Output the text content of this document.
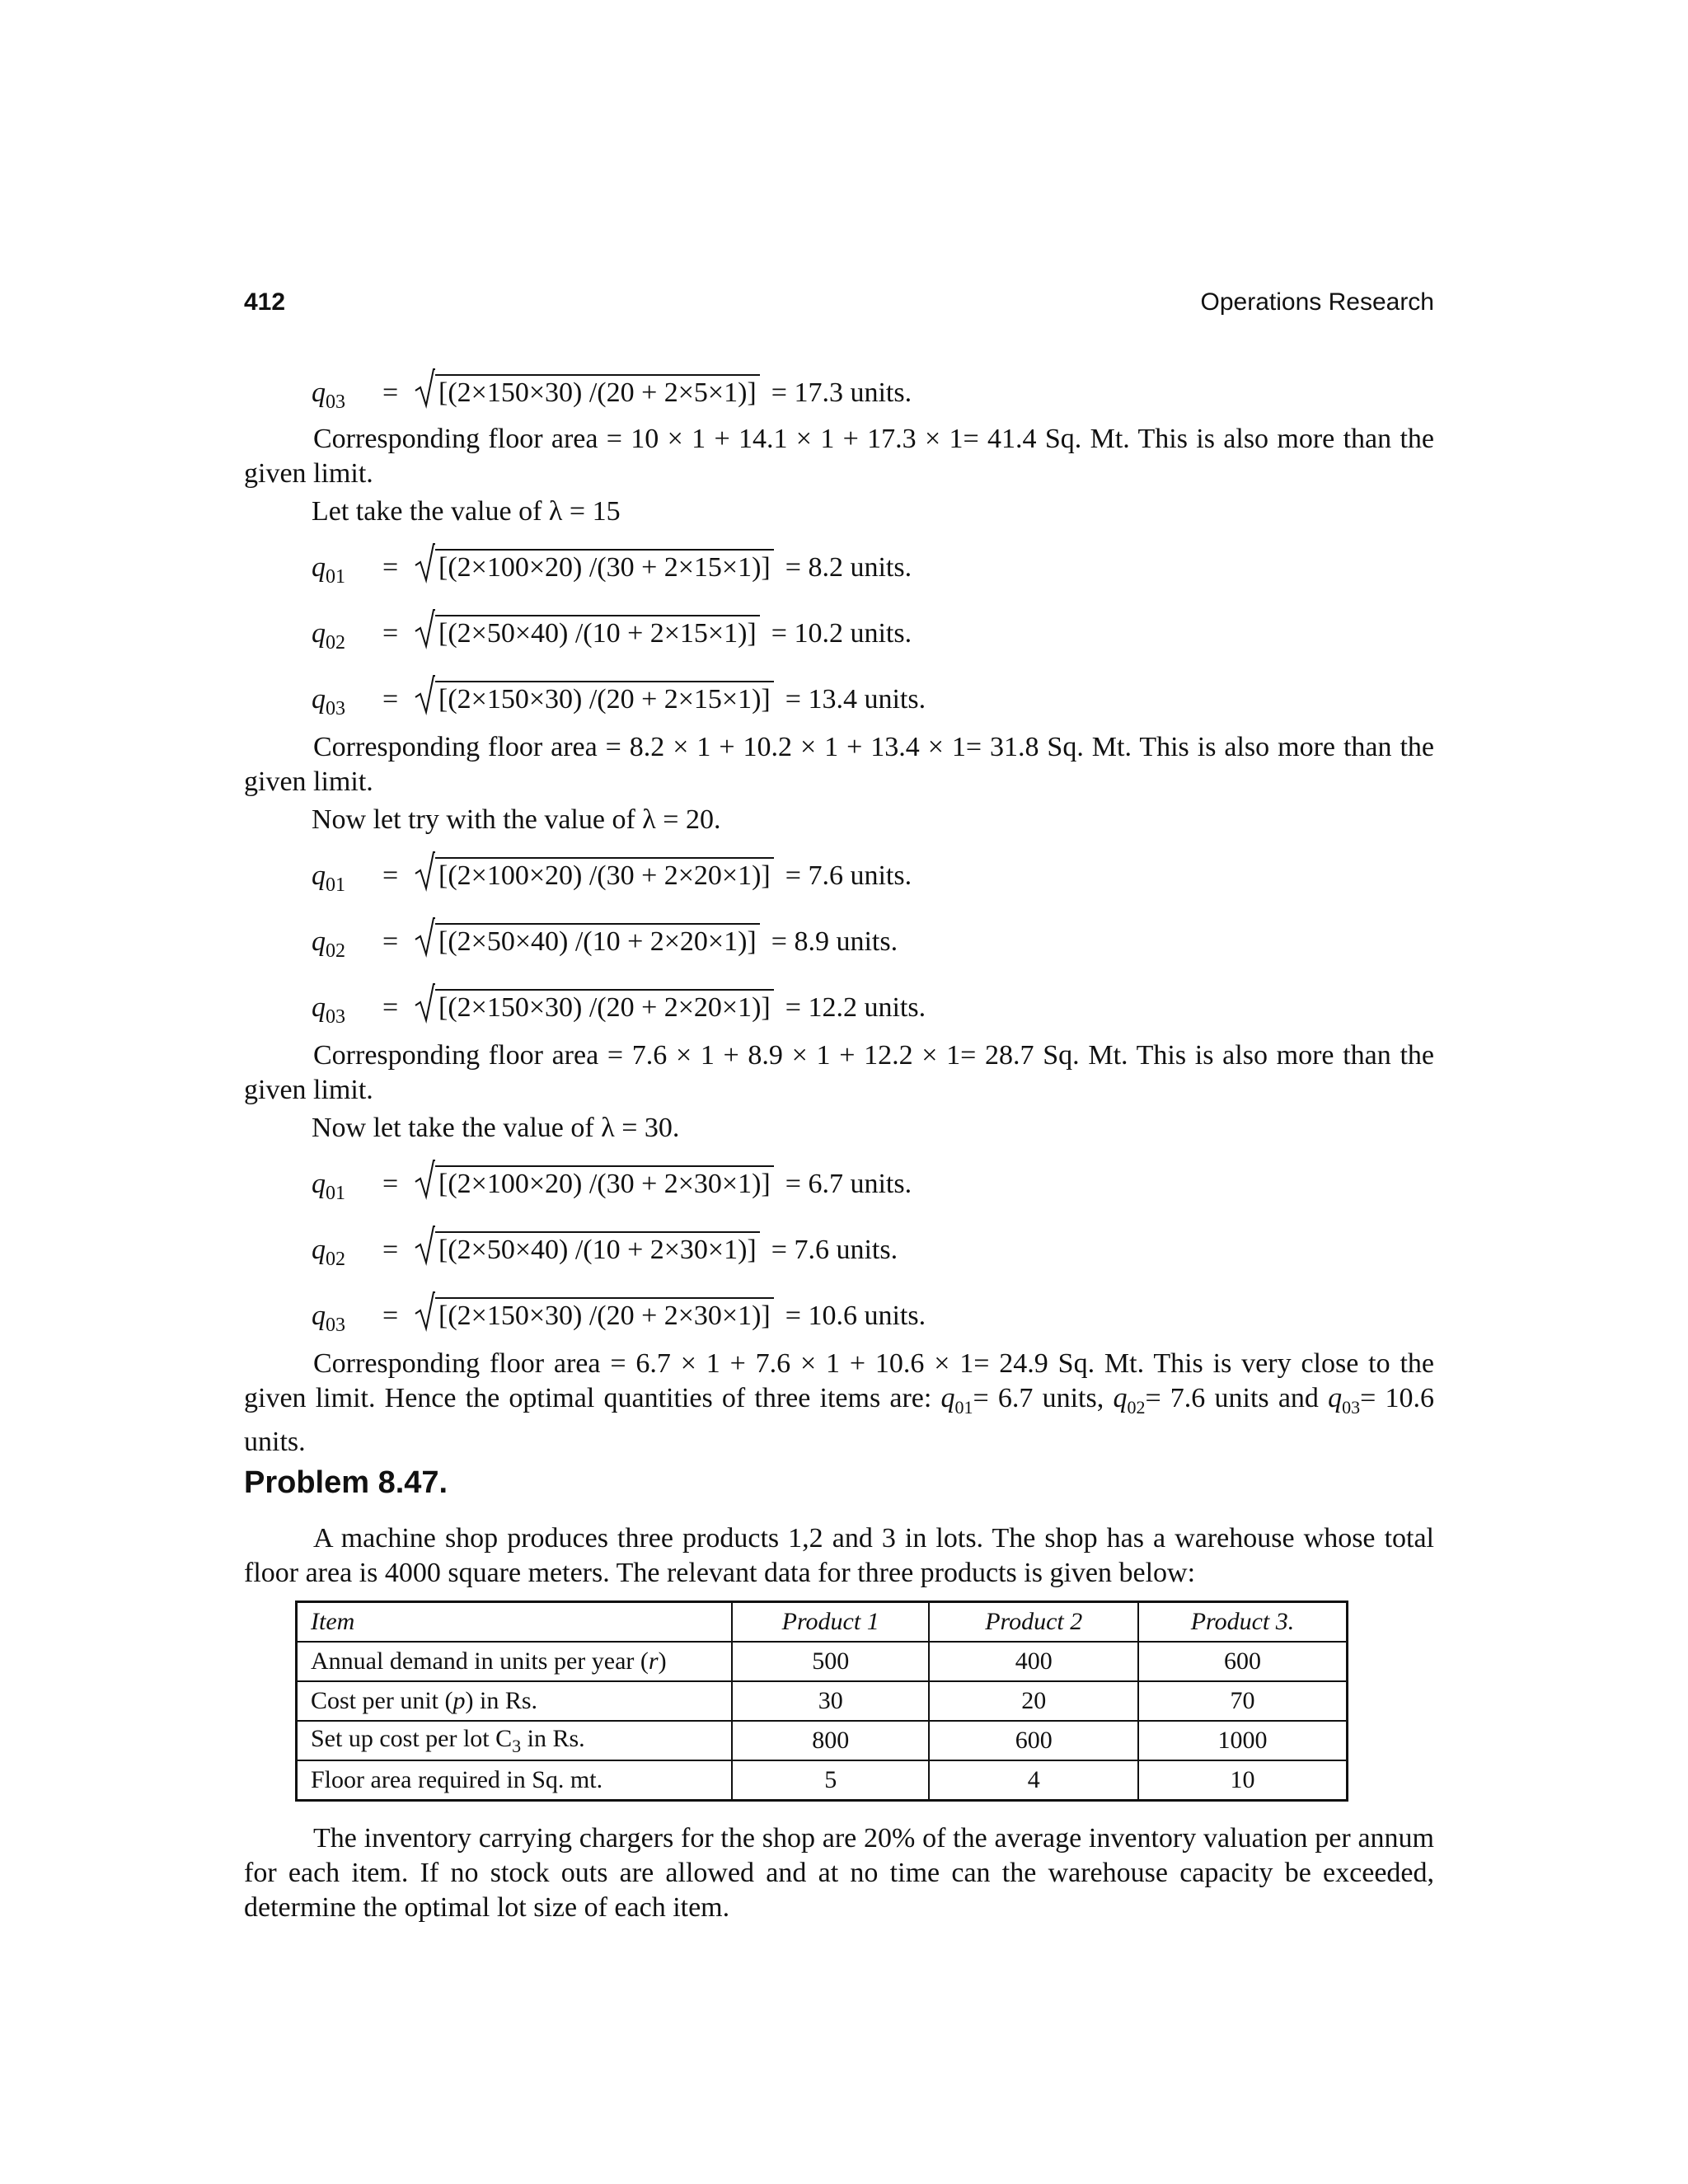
412	Operations Research
$q_{03} = [(2\times 150\times 30) /(20 + 2\times 5\times 1)] = 17.3$ units.
Corresponding floor area = 10 × 1 + 14.1 × 1 + 17.3 × 1= 41.4 Sq. Mt. This is also more than the given limit.
Let take the value of λ = 15
$q_{01} = [(2\times 100\times 20) /(30 + 2\times 15\times 1)] = 8.2$ units.
$q_{02} = [(2\times 50\times 40) /(10 + 2\times 15\times 1)] = 10.2$ units.
$q_{03} = [(2\times 150\times 30) /(20 + 2\times 15\times 1)] = 13.4$ units.
Corresponding floor area = 8.2 × 1 + 10.2 × 1 + 13.4 × 1= 31.8 Sq. Mt. This is also more than the given limit.
Now let try with the value of λ = 20.
$q_{01} = [(2\times 100\times 20) /(30 + 2\times 20\times 1)] = 7.6$ units.
$q_{02} = [(2\times 50\times 40) /(10 + 2\times 20\times 1)] = 8.9$ units.
$q_{03} = [(2\times 150\times 30) /(20 + 2\times 20\times 1)] = 12.2$ units.
Corresponding floor area = 7.6 × 1 + 8.9 × 1 + 12.2 × 1= 28.7 Sq. Mt. This is also more than the given limit.
Now let take the value of λ = 30.
$q_{01} = [(2\times 100\times 20) /(30 + 2\times 30\times 1)] = 6.7$ units.
$q_{02} = [(2\times 50\times 40) /(10 + 2\times 30\times 1)] = 7.6$ units.
$q_{03} = [(2\times 150\times 30) /(20 + 2\times 30\times 1)] = 10.6$ units.
Corresponding floor area = 6.7 × 1 + 7.6 × 1 + 10.6 × 1= 24.9 Sq. Mt. This is very close to the given limit. Hence the optimal quantities of three items are: $q_{01}= 6.7$ units, $q_{02}= 7.6$ units and $q_{03}= 10.6$ units.
Problem 8.47.
A machine shop produces three products 1,2 and 3 in lots. The shop has a warehouse whose total floor area is 4000 square meters. The relevant data for three products is given below:
Item	Product 1	Product 2	Product 3.
Annual demand in units per year (r)	500	400	600
Cost per unit (p) in Rs.	30	20	70
Set up cost per lot $C_3$ in Rs.	800	600	1000
Floor area required in Sq. mt.	5	4	10
The inventory carrying chargers for the shop are 20% of the average inventory valuation per annum for each item. If no stock outs are allowed and at no time can the warehouse capacity be exceeded, determine the optimal lot size of each item.
